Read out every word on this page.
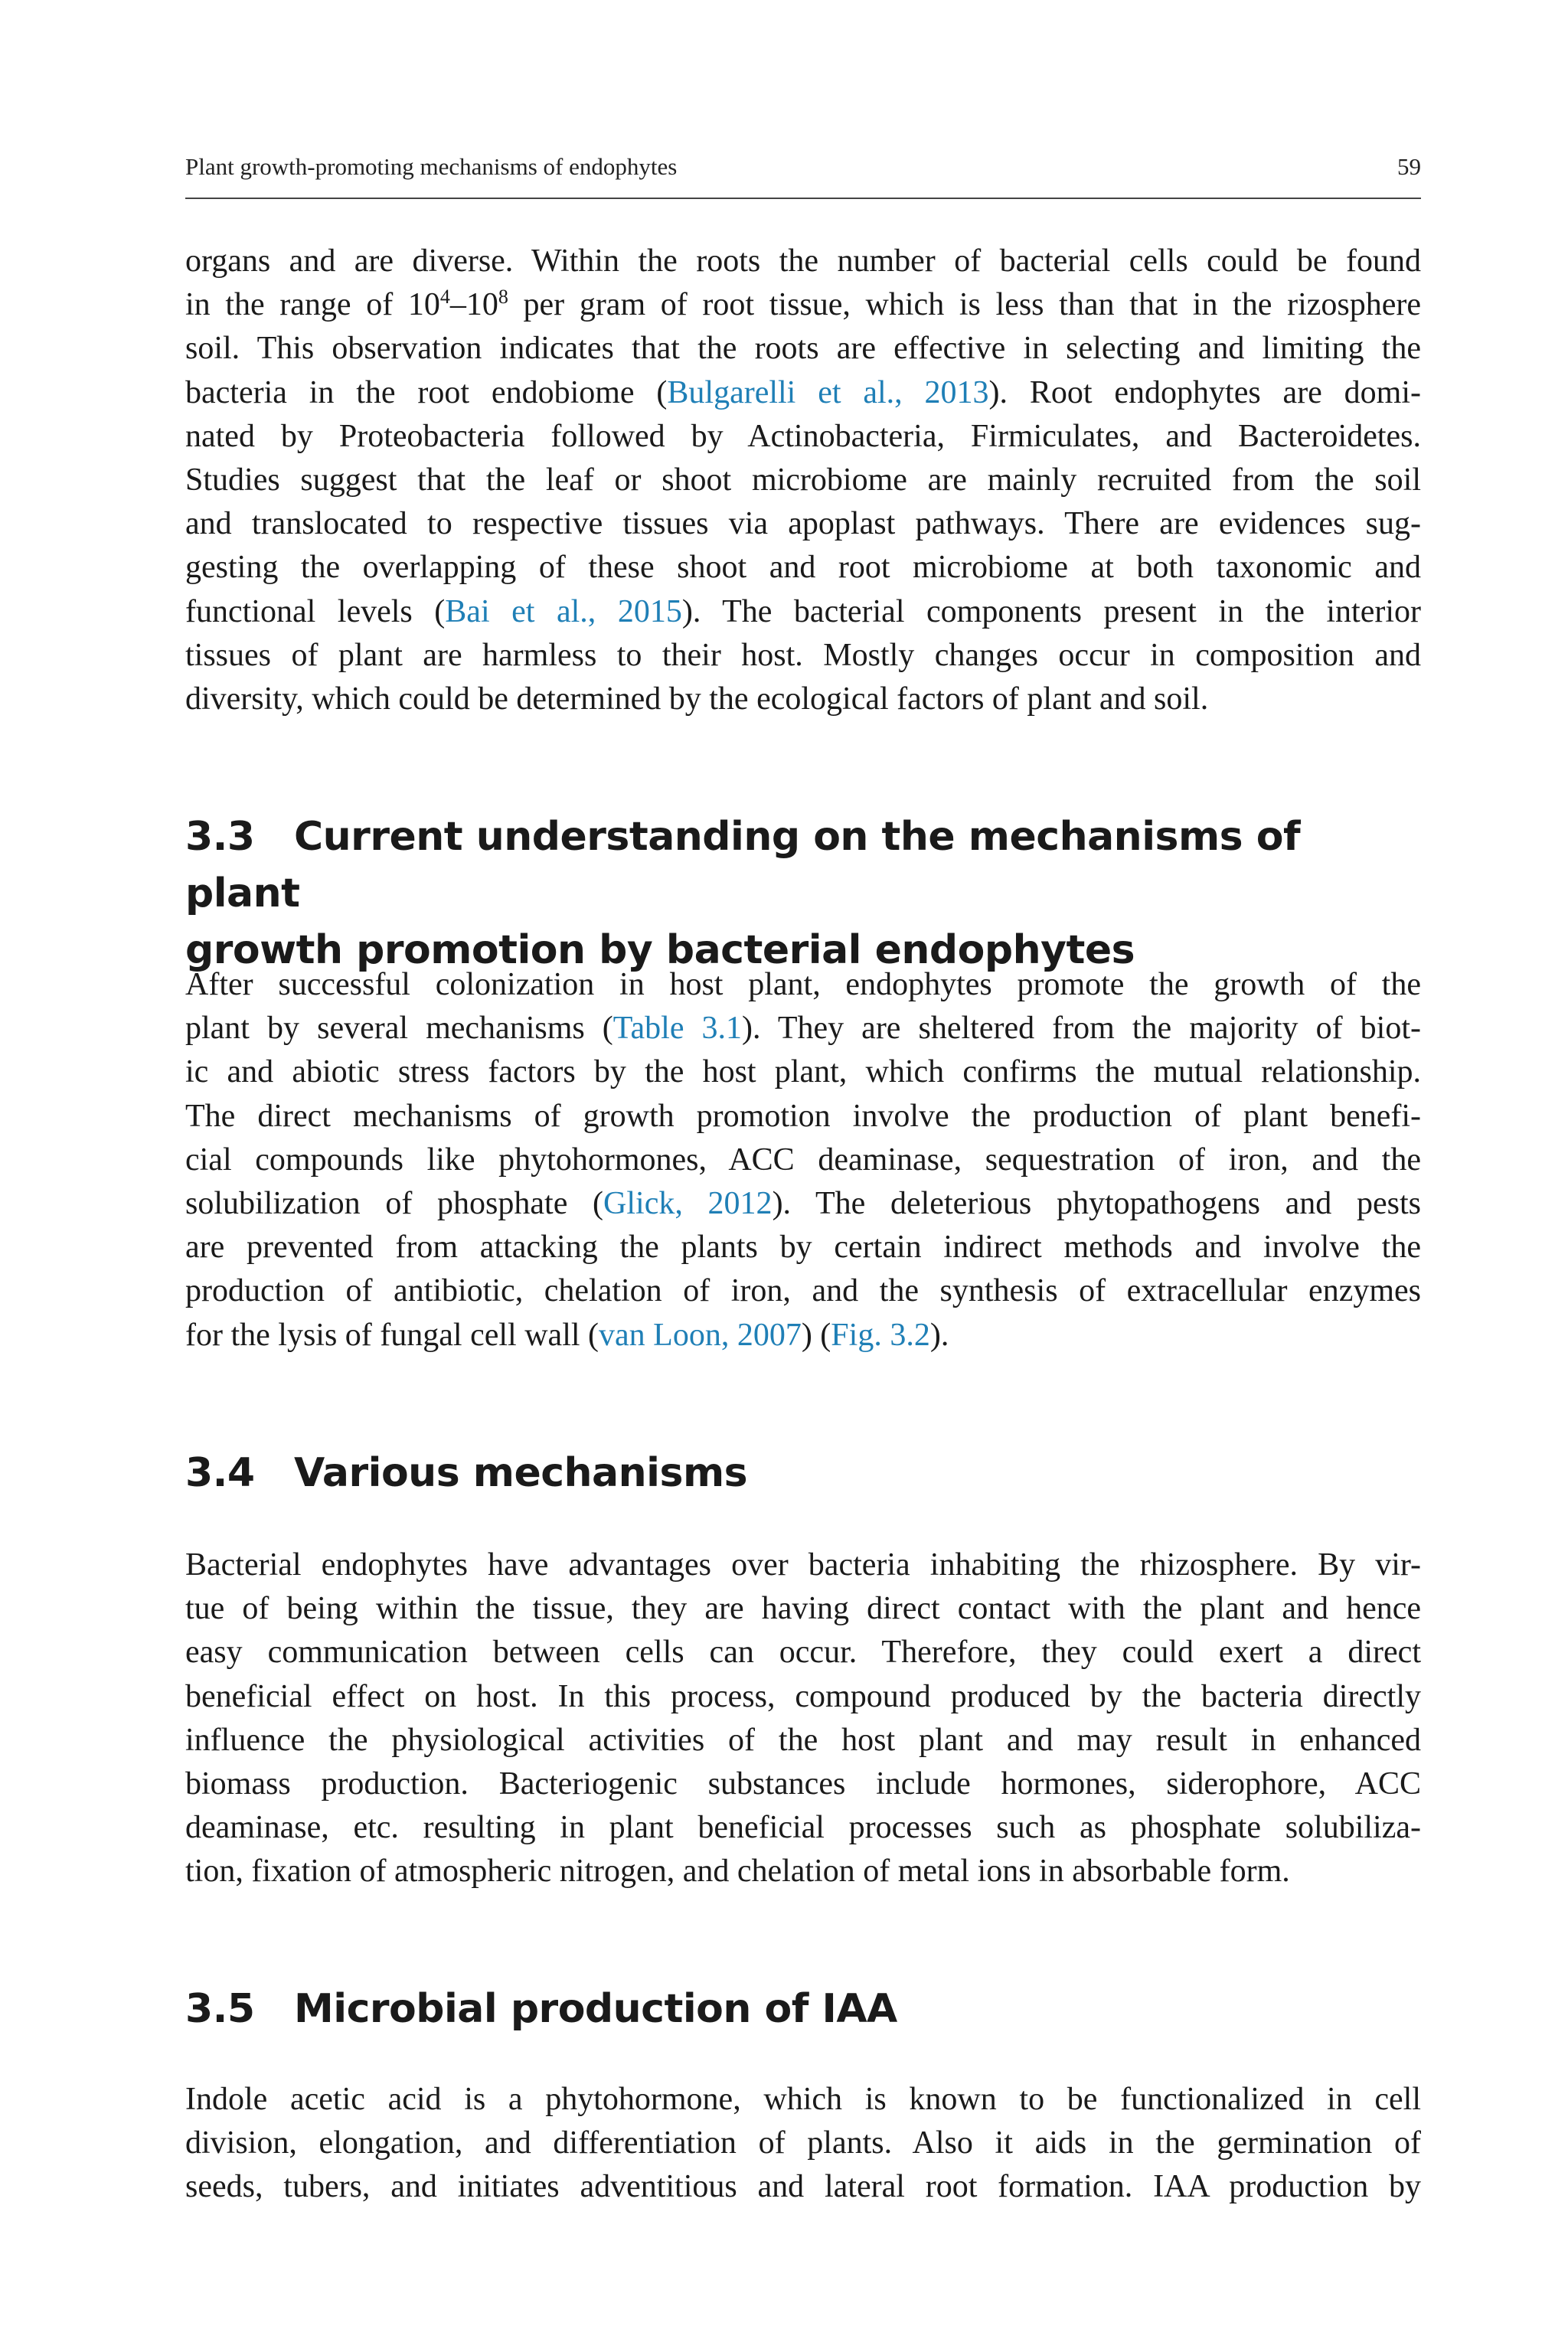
Plant growth-promoting mechanisms of endophytes	59

organs and are diverse. Within the roots the number of bacterial cells could be found
in the range of $10^4-10^8$ per gram of root tissue, which is less than that in the rizosphere
soil. This observation indicates that the roots are effective in selecting and limiting the
bacteria in the root endobiome (Bulgarelli et al., 2013). Root endophytes are domi-
nated by Proteobacteria followed by Actinobacteria, Firmiculates, and Bacteroidetes.
Studies suggest that the leaf or shoot microbiome are mainly recruited from the soil
and translocated to respective tissues via apoplast pathways. There are evidences sug-
gesting the overlapping of these shoot and root microbiome at both taxonomic and
functional levels (Bai et al., 2015). The bacterial components present in the interior
tissues of plant are harmless to their host. Mostly changes occur in composition and
diversity, which could be determined by the ecological factors of plant and soil.

3.3 Current understanding on the mechanisms of plant
growth promotion by bacterial endophytes

After successful colonization in host plant, endophytes promote the growth of the
plant by several mechanisms (Table 3.1). They are sheltered from the majority of biot-
ic and abiotic stress factors by the host plant, which confirms the mutual relationship.
The direct mechanisms of growth promotion involve the production of plant benefi-
cial compounds like phytohormones, ACC deaminase, sequestration of iron, and the
solubilization of phosphate (Glick, 2012). The deleterious phytopathogens and pests
are prevented from attacking the plants by certain indirect methods and involve the
production of antibiotic, chelation of iron, and the synthesis of extracellular enzymes
for the lysis of fungal cell wall (van Loon, 2007) (Fig. 3.2).

3.4 Various mechanisms

Bacterial endophytes have advantages over bacteria inhabiting the rhizosphere. By vir-
tue of being within the tissue, they are having direct contact with the plant and hence
easy communication between cells can occur. Therefore, they could exert a direct
beneficial effect on host. In this process, compound produced by the bacteria directly
influence the physiological activities of the host plant and may result in enhanced
biomass production. Bacteriogenic substances include hormones, siderophore, ACC
deaminase, etc. resulting in plant beneficial processes such as phosphate solubiliza-
tion, fixation of atmospheric nitrogen, and chelation of metal ions in absorbable form.

3.5 Microbial production of IAA

Indole acetic acid is a phytohormone, which is known to be functionalized in cell
division, elongation, and differentiation of plants. Also it aids in the germination of
seeds, tubers, and initiates adventitious and lateral root formation. IAA production by
